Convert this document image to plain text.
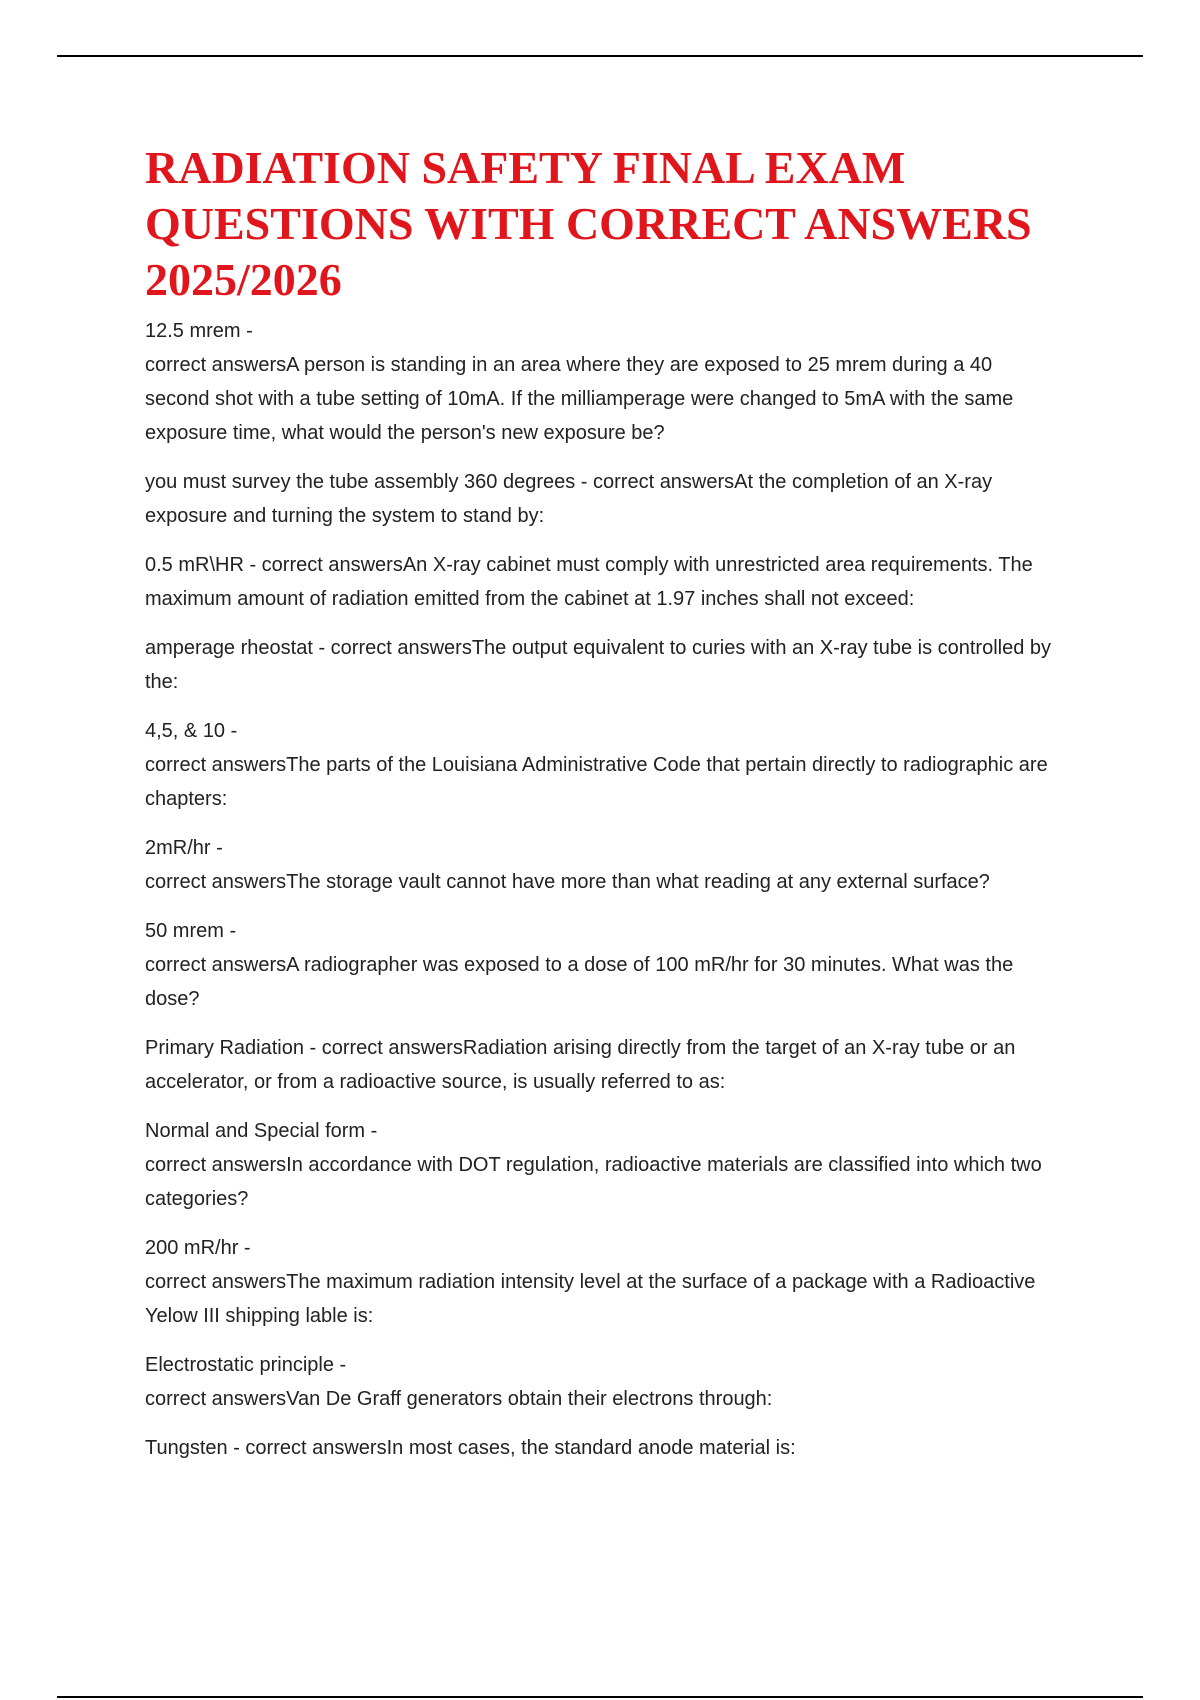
RADIATION SAFETY FINAL EXAM QUESTIONS WITH CORRECT ANSWERS 2025/2026

12.5 mrem -
correct answersA person is standing in an area where they are exposed to 25 mrem during a 40 second shot with a tube setting of 10mA. If the milliamperage were changed to 5mA with the same exposure time, what would the person's new exposure be?

you must survey the tube assembly 360 degrees - correct answersAt the completion of an X-ray exposure and turning the system to stand by:

0.5 mR\HR - correct answersAn X-ray cabinet must comply with unrestricted area requirements. The maximum amount of radiation emitted from the cabinet at 1.97 inches shall not exceed:

amperage rheostat - correct answersThe output equivalent to curies with an X-ray tube is controlled by the:

4,5, & 10 -
correct answersThe parts of the Louisiana Administrative Code that pertain directly to radiographic are chapters:

2mR/hr -
correct answersThe storage vault cannot have more than what reading at any external surface?

50 mrem -
correct answersA radiographer was exposed to a dose of 100 mR/hr for 30 minutes. What was the dose?

Primary Radiation - correct answersRadiation arising directly from the target of an X-ray tube or an accelerator, or from a radioactive source, is usually referred to as:

Normal and Special form -
correct answersIn accordance with DOT regulation, radioactive materials are classified into which two categories?

200 mR/hr -
correct answersThe maximum radiation intensity level at the surface of a package with a Radioactive Yelow III shipping lable is:

Electrostatic principle -
correct answersVan De Graff generators obtain their electrons through:

Tungsten - correct answersIn most cases, the standard anode material is:
